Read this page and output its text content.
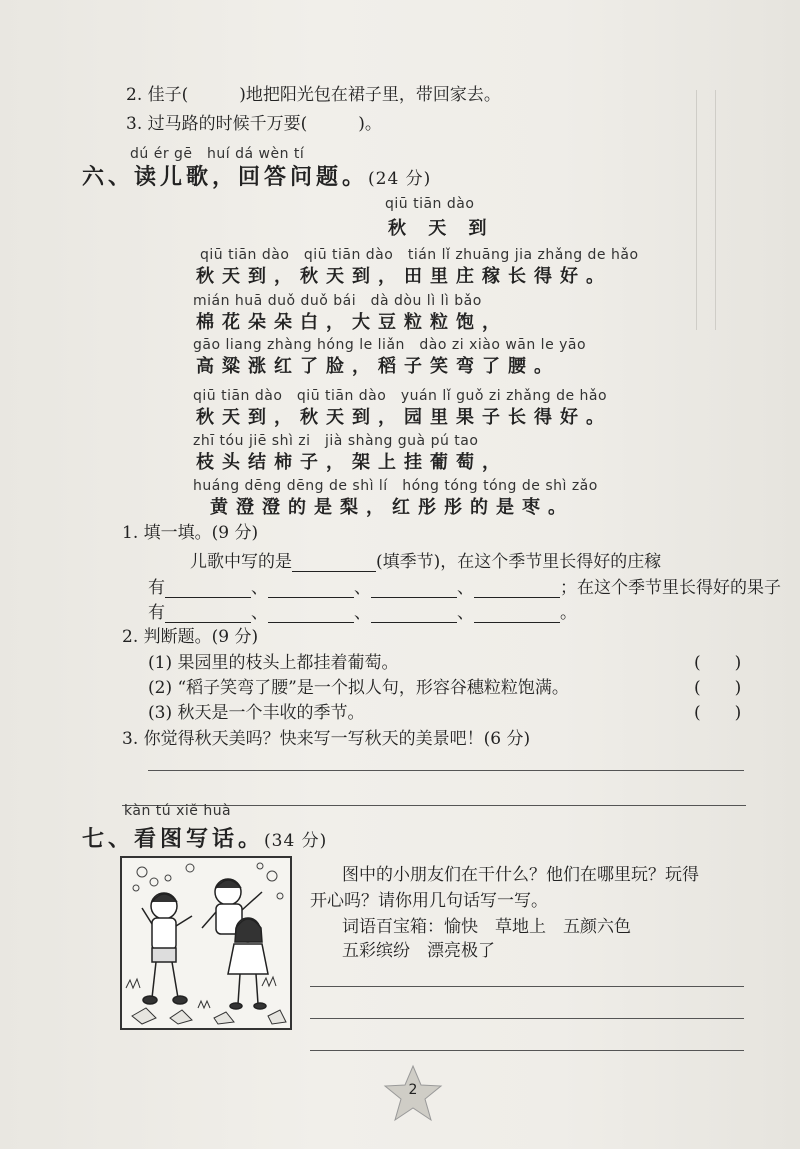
2. 佳子(　　　)地把阳光包在裙子里，带回家去。
3. 过马路的时候千万要(　　　)。
dú ér gē　huí dá wèn tí
六、读儿歌，回答问题。(24 分)
qiū tiān dào
秋 天 到
qiū tiān dào　qiū tiān dào　tián lǐ zhuāng jia zhǎng de hǎo
秋天到，秋天到，田里庄稼长得好。
mián huā duǒ duǒ bái　dà dòu lì lì bǎo
棉花朵朵白，大豆粒粒饱，
gāo liang zhàng hóng le liǎn　dào zi xiào wān le yāo
高粱涨红了脸，稻子笑弯了腰。
qiū tiān dào　qiū tiān dào　yuán lǐ guǒ zi zhǎng de hǎo
秋天到，秋天到，园里果子长得好。
zhī tóu jiē shì zi　jià shàng guà pú tao
枝头结柿子，架上挂葡萄，
huáng dēng dēng de shì lí　hóng tóng tóng de shì zǎo
黄澄澄的是梨，红彤彤的是枣。
1. 填一填。(9 分)
儿歌中写的是	(填季节)，在这个季节里长得好的庄稼
有	、	、	、	；在这个季节里长得好的果子
有	、	、	、	。
2. 判断题。(9 分)
(1) 果园里的枝头上都挂着葡萄。	(　　)
(2) “稻子笑弯了腰”是一个拟人句，形容谷穗粒粒饱满。	(　　)
(3) 秋天是一个丰收的季节。	(　　)
3. 你觉得秋天美吗？快来写一写秋天的美景吧！(6 分)
kàn tú xiě huà
七、看图写话。(34 分)
图中的小朋友们在干什么？他们在哪里玩？玩得
开心吗？请你用几句话写一写。
词语百宝箱：愉快　草地上　五颜六色
五彩缤纷　漂亮极了
2
